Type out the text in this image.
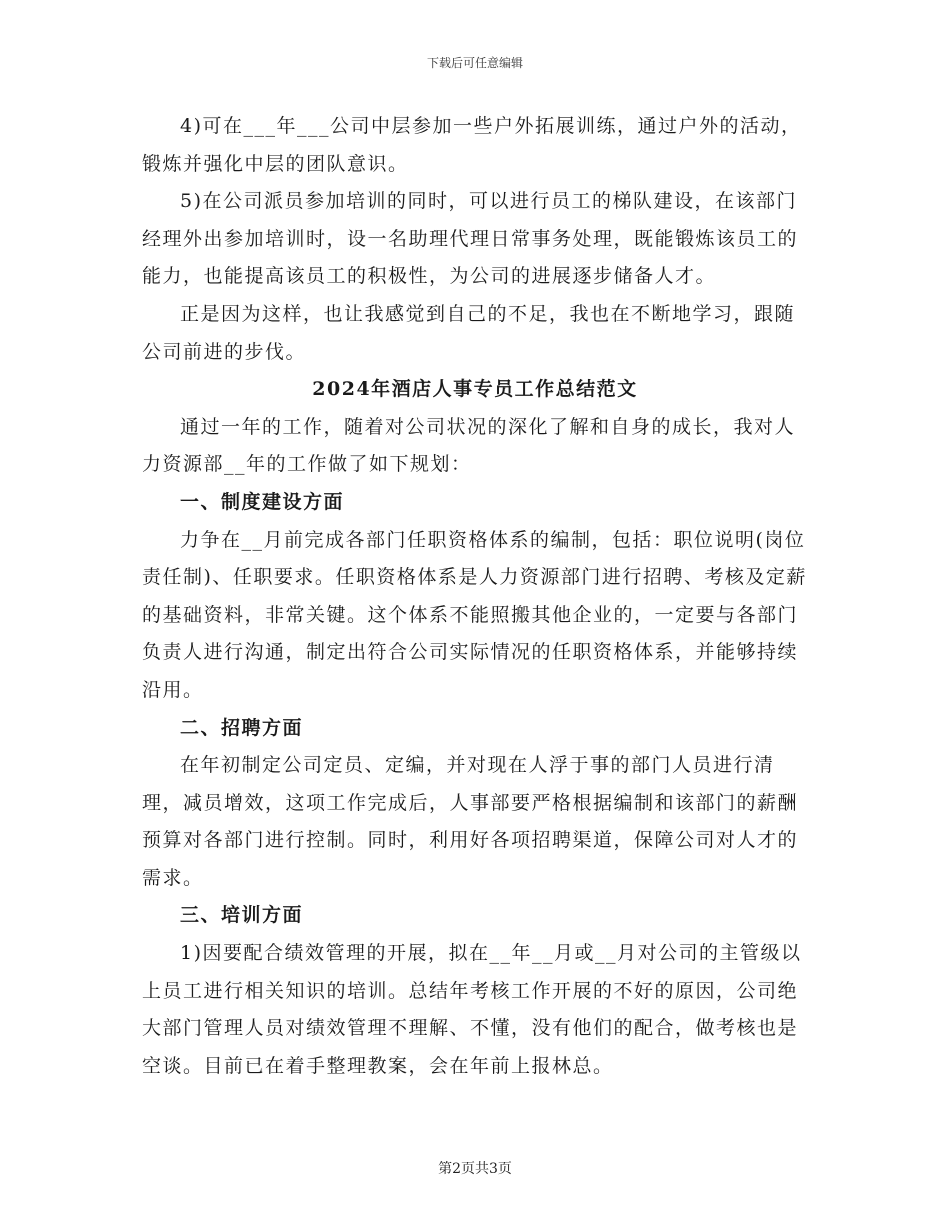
下载后可任意编辑

4)可在___年___公司中层参加一些户外拓展训练，通过户外的活动，锻炼并强化中层的团队意识。

5)在公司派员参加培训的同时，可以进行员工的梯队建设，在该部门经理外出参加培训时，设一名助理代理日常事务处理，既能锻炼该员工的能力，也能提高该员工的积极性，为公司的进展逐步储备人才。

正是因为这样，也让我感觉到自己的不足，我也在不断地学习，跟随公司前进的步伐。

2024年酒店人事专员工作总结范文

通过一年的工作，随着对公司状况的深化了解和自身的成长，我对人力资源部__年的工作做了如下规划：

一、制度建设方面

力争在__月前完成各部门任职资格体系的编制，包括：职位说明(岗位责任制)、任职要求。任职资格体系是人力资源部门进行招聘、考核及定薪的基础资料，非常关键。这个体系不能照搬其他企业的，一定要与各部门负责人进行沟通，制定出符合公司实际情况的任职资格体系，并能够持续沿用。

二、招聘方面

在年初制定公司定员、定编，并对现在人浮于事的部门人员进行清理，减员增效，这项工作完成后，人事部要严格根据编制和该部门的薪酬预算对各部门进行控制。同时，利用好各项招聘渠道，保障公司对人才的需求。

三、培训方面

1)因要配合绩效管理的开展，拟在__年__月或__月对公司的主管级以上员工进行相关知识的培训。总结年考核工作开展的不好的原因，公司绝大部门管理人员对绩效管理不理解、不懂，没有他们的配合，做考核也是空谈。目前已在着手整理教案，会在年前上报林总。

第2页共3页
